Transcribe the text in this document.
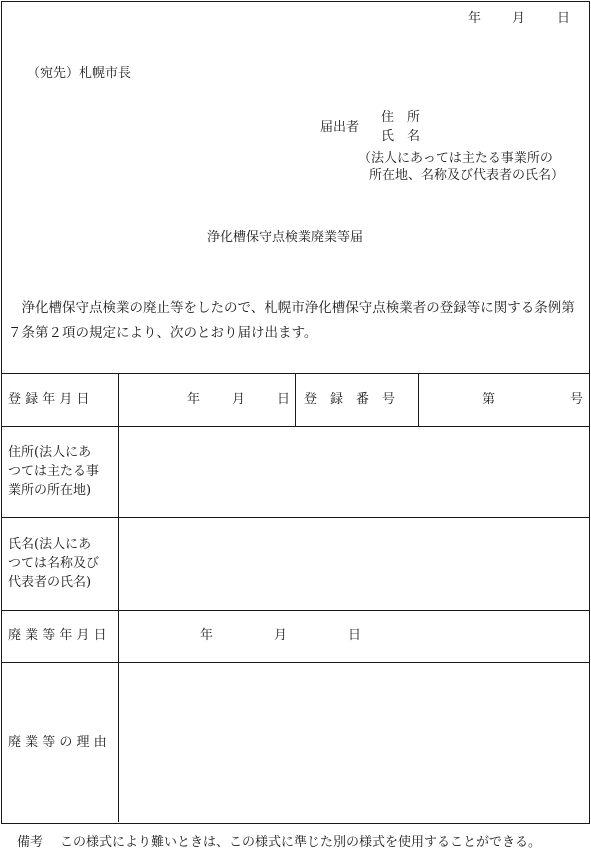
年 月 日
（宛先）札幌市長
届出者
住　所
氏　名
（法人にあっては主たる事業所の
所在地、名称及び代表者の氏名）
浄化槽保守点検業廃業等届
　浄化槽保守点検業の廃止等をしたので、札幌市浄化槽保守点検業者の登録等に関する条例第７条第２項の規定により、次のとおり届け出ます。
登 録 年 月 日	年 月 日 登　録　番　号	第	号
住所(法人にあ
つては主たる事
業所の所在地)
氏名(法人にあ
つては名称及び
代表者の氏名)
廃 業 等 年 月 日	年	月	日
廃 業 等 の 理 由
備考 この様式により難いときは、この様式に準じた別の様式を使用することができる。
